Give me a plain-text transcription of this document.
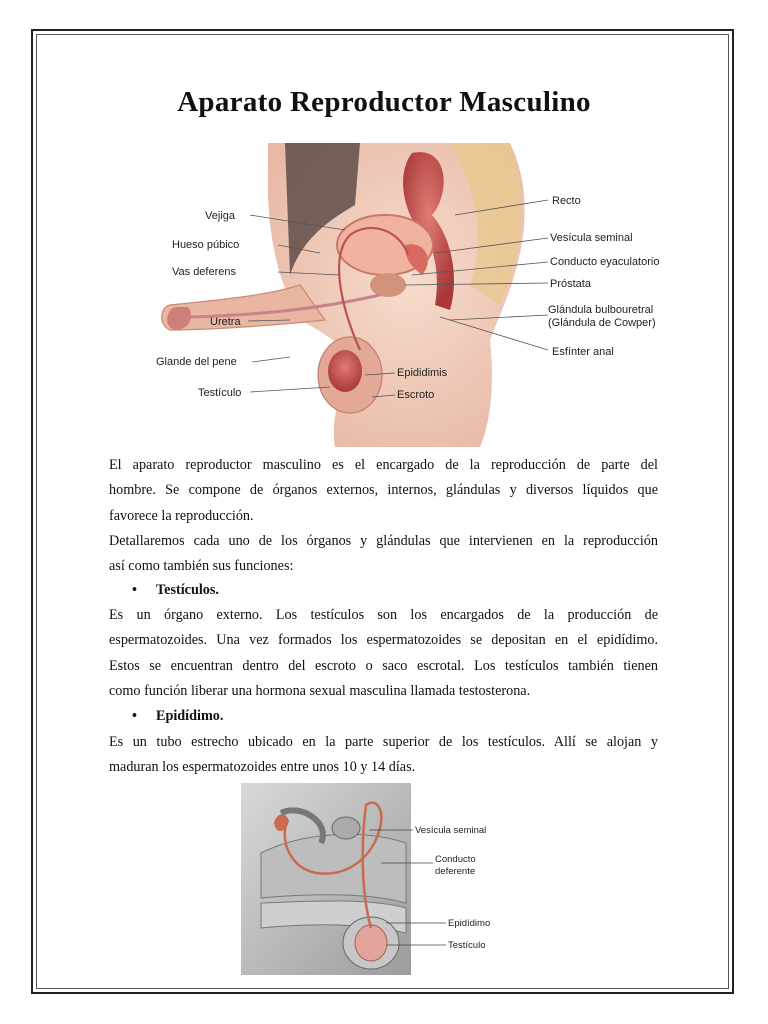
Aparato Reproductor Masculino
Vejiga
Hueso púbico
Vas deferens
Uretra
Glande del pene
Testículo
Recto
Vesícula seminal
Conducto eyaculatorio
Próstata
Glándula bulbouretral
(Glándula de Cowper)
Esfínter anal
Epididimis
Escroto
El aparato reproductor masculino es el encargado de la reproducción de parte del
hombre. Se compone de órganos externos, internos, glándulas y diversos líquidos que
favorece la reproducción.
Detallaremos cada uno de los órganos y glándulas que intervienen en la reproducción
así como también sus funciones:
• Testículos.
Es un órgano externo. Los testículos son los encargados de la producción de
espermatozoides. Una vez formados los espermatozoides se depositan en el epidídimo.
Estos se encuentran dentro del escroto o saco escrotal. Los testículos también tienen
como función liberar una hormona sexual masculina llamada testosterona.
• Epidídimo.
Es un tubo estrecho ubicado en la parte superior de los testículos. Allí se alojan y
maduran los espermatozoides entre unos 10 y 14 días.
Vesícula seminal
Conducto
deferente
Epidídimo
Testículo
